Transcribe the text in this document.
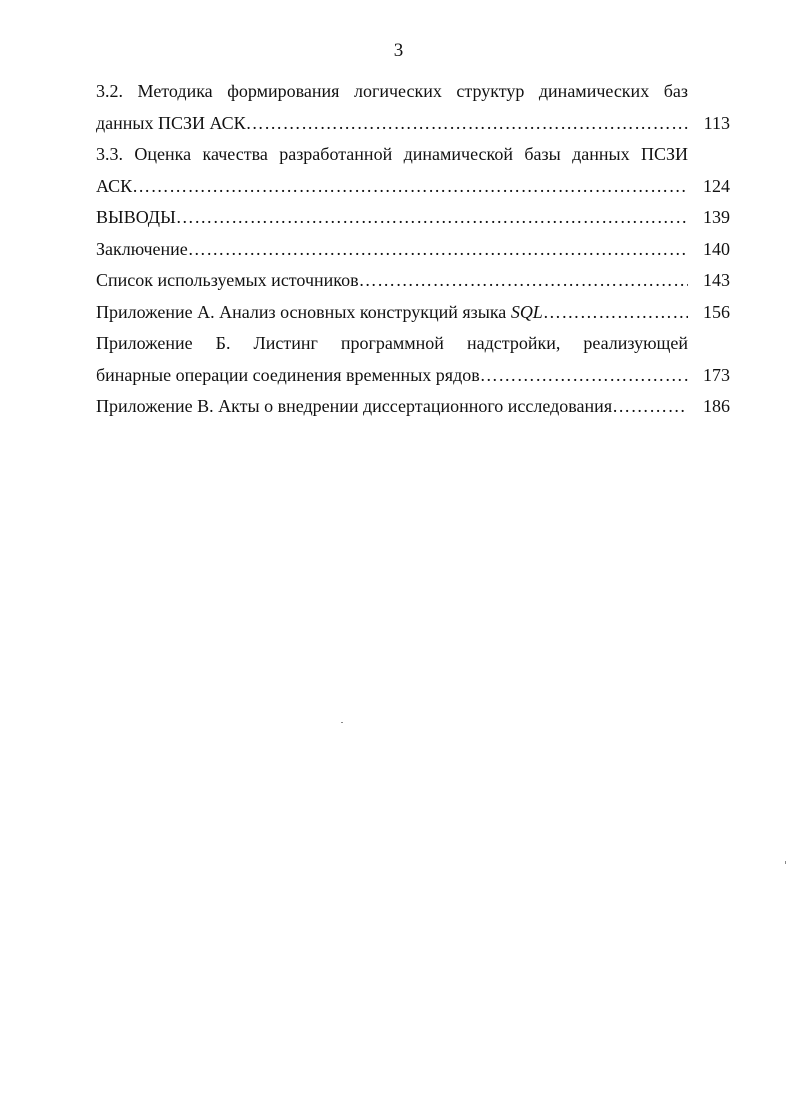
3
3.2. Методика формирования логических структур динамических баз
данных ПСЗИ АСК ……………………………………………………………………………………………………………………………………………………	113
3.3. Оценка качества разработанной динамической базы данных ПСЗИ
АСК ……………………………………………………………………………………………………………………………………………………	124
ВЫВОДЫ ……………………………………………………………………………………………………………………………………………………	139
Заключение ……………………………………………………………………………………………………………………………………………………	140
Список используемых источников ……………………………………………………………………………………………………………………………………………………	143
Приложение А. Анализ основных конструкций языка SQL ……………………………………………………………………………………………………………………………………………………	156
Приложение Б. Листинг программной надстройки, реализующей
бинарные операции соединения временных рядов ……………………………………………………………………………………………………………………………………………………	173
Приложение В. Акты о внедрении диссертационного исследования ……………………………………………………………………………………………………………………………………………………	186
